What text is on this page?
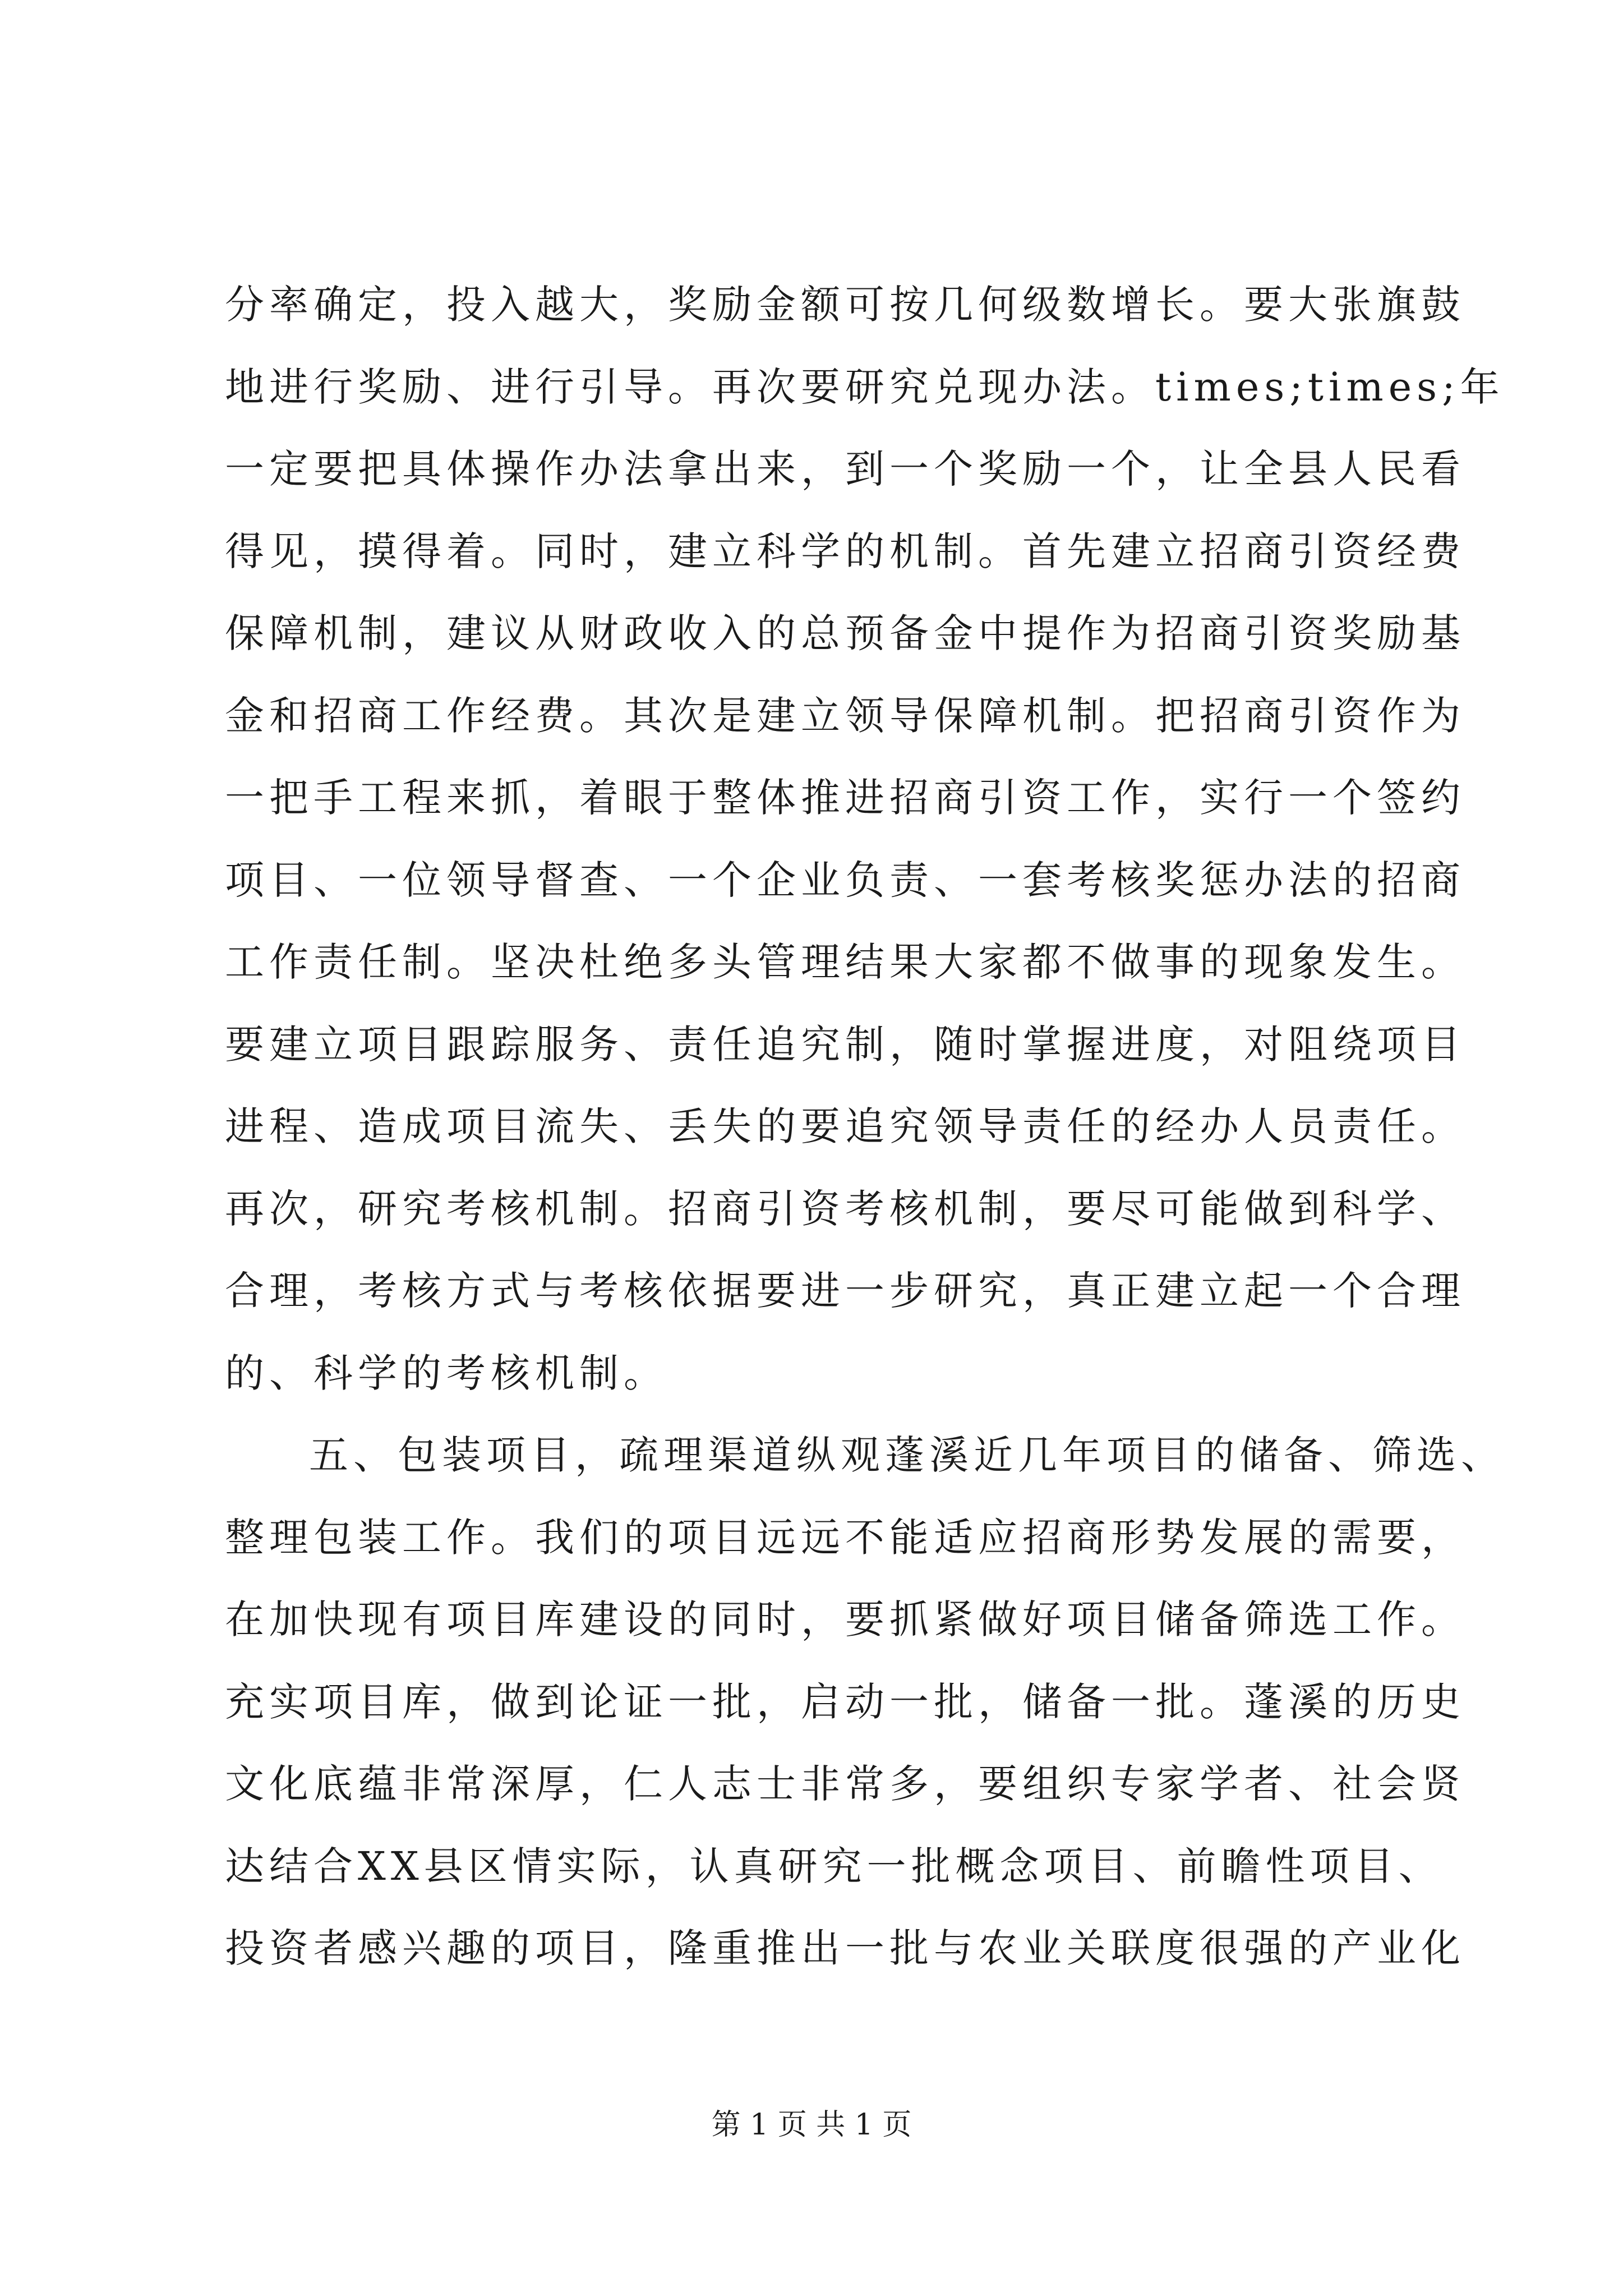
分率确定，投入越大，奖励金额可按几何级数增长。要大张旗鼓
地进行奖励、进行引导。再次要研究兑现办法。times;times;年
一定要把具体操作办法拿出来，到一个奖励一个，让全县人民看
得见，摸得着。同时，建立科学的机制。首先建立招商引资经费
保障机制，建议从财政收入的总预备金中提作为招商引资奖励基
金和招商工作经费。其次是建立领导保障机制。把招商引资作为
一把手工程来抓，着眼于整体推进招商引资工作，实行一个签约
项目、一位领导督查、一个企业负责、一套考核奖惩办法的招商
工作责任制。坚决杜绝多头管理结果大家都不做事的现象发生。
要建立项目跟踪服务、责任追究制，随时掌握进度，对阻绕项目
进程、造成项目流失、丢失的要追究领导责任的经办人员责任。
再次，研究考核机制。招商引资考核机制，要尽可能做到科学、
合理，考核方式与考核依据要进一步研究，真正建立起一个合理
的、科学的考核机制。
五、包装项目，疏理渠道纵观蓬溪近几年项目的储备、筛选、
整理包装工作。我们的项目远远不能适应招商形势发展的需要，
在加快现有项目库建设的同时，要抓紧做好项目储备筛选工作。
充实项目库，做到论证一批，启动一批，储备一批。蓬溪的历史
文化底蕴非常深厚，仁人志士非常多，要组织专家学者、社会贤
达结合XX县区情实际，认真研究一批概念项目、前瞻性项目、
投资者感兴趣的项目，隆重推出一批与农业关联度很强的产业化
第 1 页 共 1 页
